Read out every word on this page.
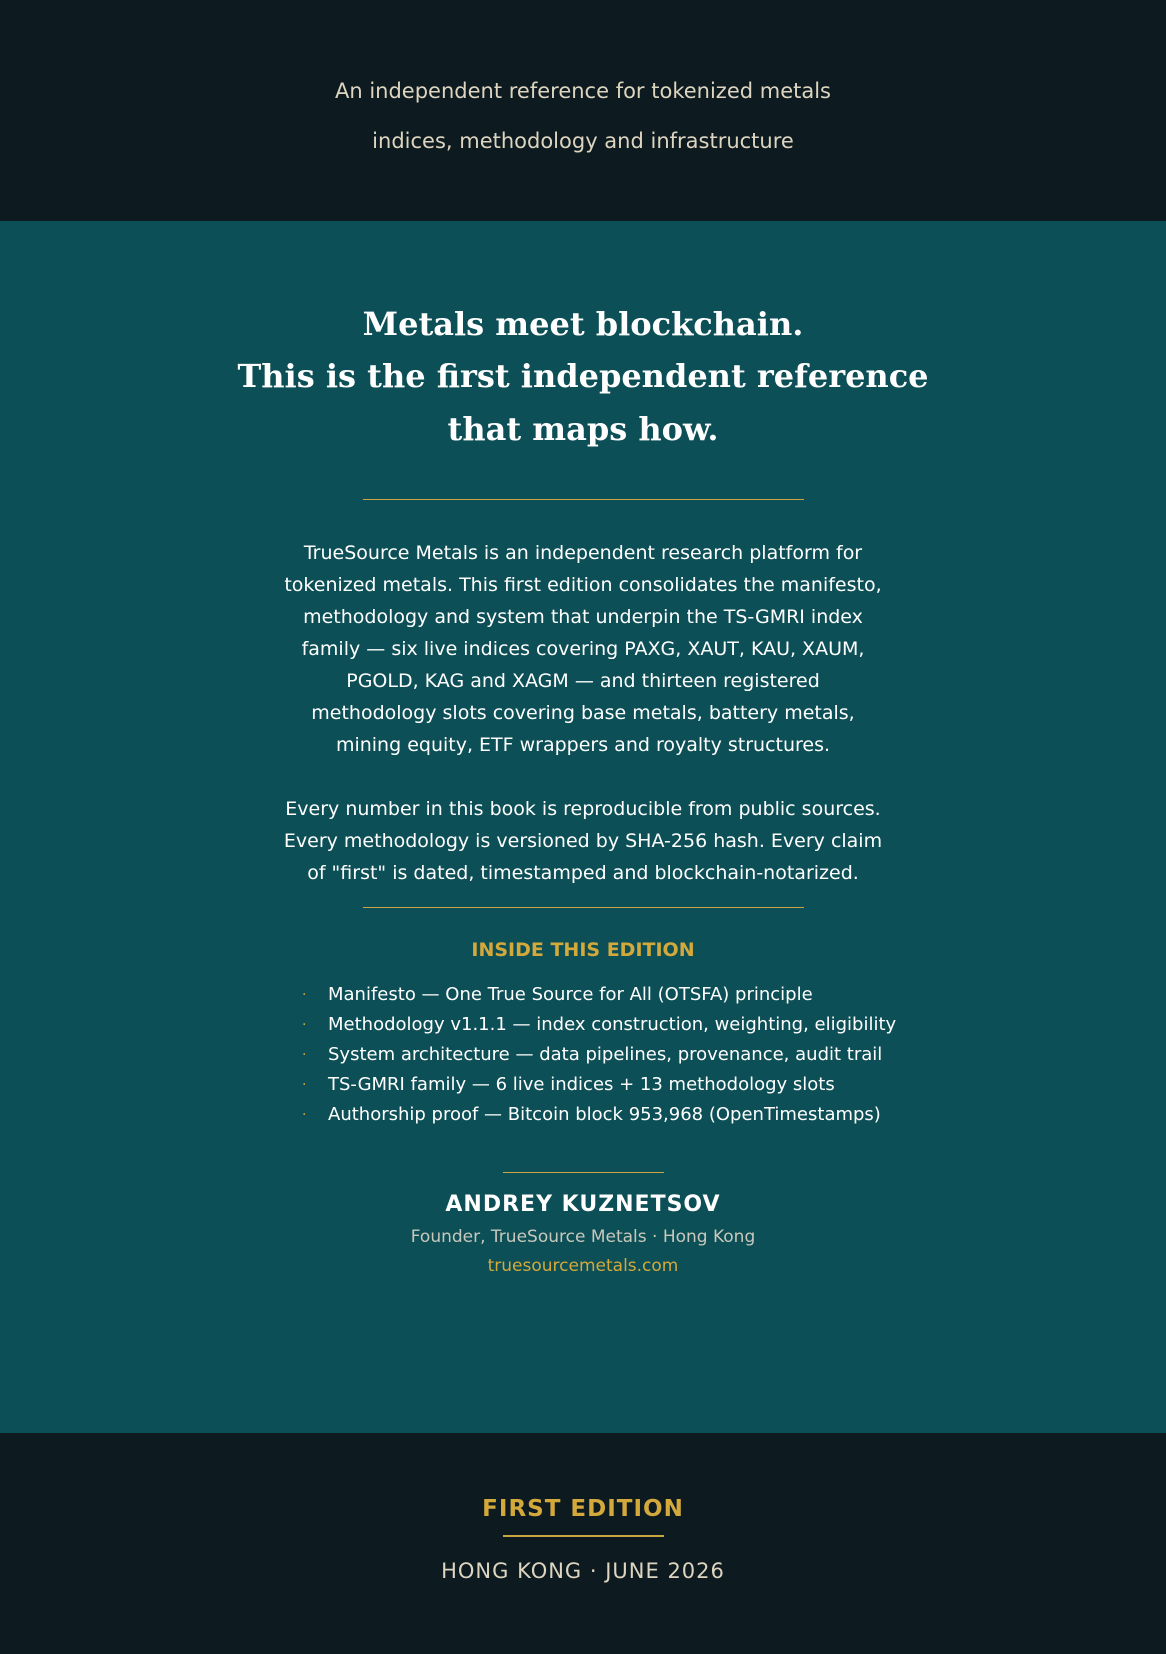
An independent reference for tokenized metals
indices, methodology and infrastructure
Metals meet blockchain.
This is the first independent reference
that maps how.

TrueSource Metals is an independent research platform for tokenized metals. This first edition consolidates the manifesto, methodology and system that underpin the TS-GMRI index family — six live indices covering PAXG, XAUT, KAU, XAUM, PGOLD, KAG and XAGM — and thirteen registered methodology slots covering base metals, battery metals, mining equity, ETF wrappers and royalty structures.

Every number in this book is reproducible from public sources. Every methodology is versioned by SHA-256 hash. Every claim of "first" is dated, timestamped and blockchain-notarized.

INSIDE THIS EDITION
· Manifesto — One True Source for All (OTSFA) principle
· Methodology v1.1.1 — index construction, weighting, eligibility
· System architecture — data pipelines, provenance, audit trail
· TS-GMRI family — 6 live indices + 13 methodology slots
· Authorship proof — Bitcoin block 953,968 (OpenTimestamps)
ANDREY KUZNETSOV
Founder, TrueSource Metals · Hong Kong
truesourcemetals.com
FIRST EDITION
HONG KONG · JUNE 2026
